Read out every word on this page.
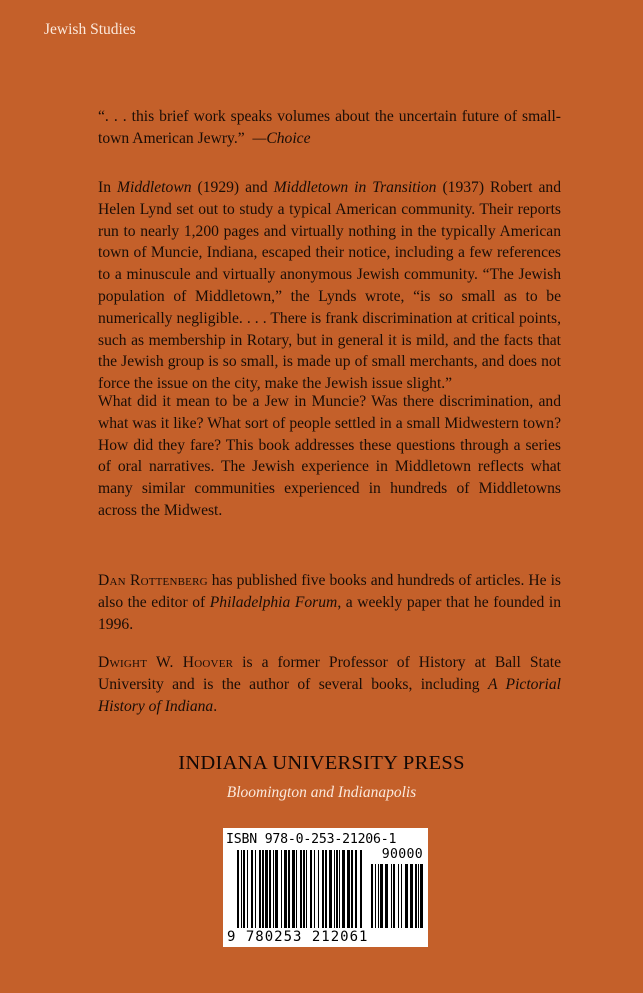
Jewish Studies

“. . . this brief work speaks volumes about the uncertain future of small-town American Jewry.” —Choice

In Middletown (1929) and Middletown in Transition (1937) Robert and Helen Lynd set out to study a typical American community. Their reports run to nearly 1,200 pages and virtually nothing in the typically American town of Muncie, Indiana, escaped their notice, including a few references to a minuscule and virtually anonymous Jewish community. “The Jewish population of Middletown,” the Lynds wrote, “is so small as to be numerically negligible. . . . There is frank discrimination at critical points, such as membership in Rotary, but in general it is mild, and the facts that the Jewish group is so small, is made up of small merchants, and does not force the issue on the city, make the Jewish issue slight.”

What did it mean to be a Jew in Muncie? Was there discrimination, and what was it like? What sort of people settled in a small Midwestern town? How did they fare? This book addresses these questions through a series of oral narratives. The Jewish experience in Middletown reflects what many similar communities experienced in hundreds of Middletowns across the Midwest.

Dan Rottenberg has published five books and hundreds of articles. He is also the editor of Philadelphia Forum, a weekly paper that he founded in 1996.

Dwight W. Hoover is a former Professor of History at Ball State University and is the author of several books, including A Pictorial History of Indiana.

INDIANA UNIVERSITY PRESS
Bloomington and Indianapolis
ISBN 978-0-253-21206-1
90000
9 780253 212061
